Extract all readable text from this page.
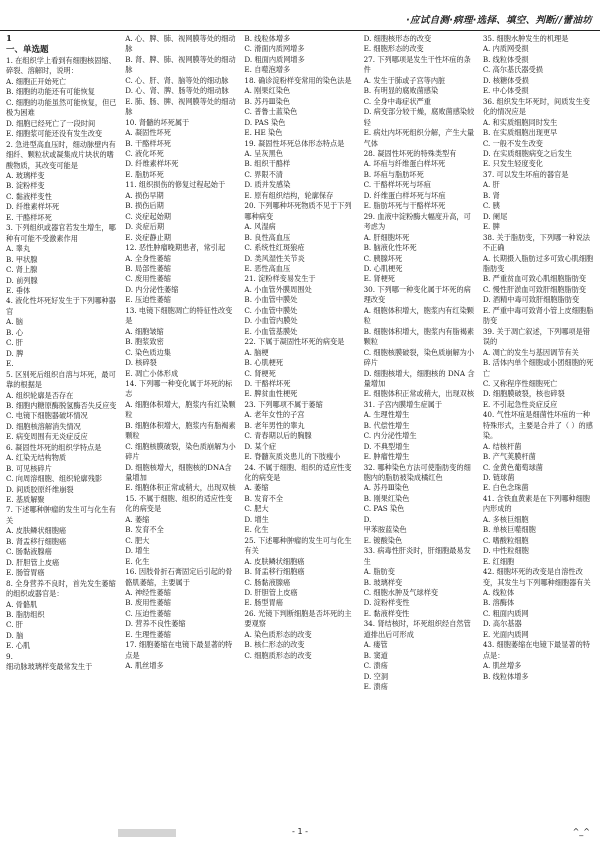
·应试自测·病理·选择、填空、判断//蕾油坊
1
一、单选题
1. 在组织学上看到有细胞核固缩、碎裂、溶解时，说明：
A. 细胞正开始死亡
B. 细胞的功能还有可能恢复
C. 细胞的功能虽然可能恢复，但已极为困难
D. 细胞已经死亡了一段时间
E. 细胞浆可能还没有发生改变
2. 急进型高血压时，细动脉壁内有细纤、颗粒状或凝集成片块状的嗜酸物质，其改变可能是
A. 玻璃样变
B. 淀粉样变
C. 黏液样变性
D. 纤维素样坏死
E. 干酪样坏死
3. 下列组织或器官若发生增生，哪种有可能不受激素作用
A. 睾丸
B. 甲状腺
C. 肾上腺
D. 前列腺
E. 垂体
4. 液化性坏死好发生于下列哪种器官
A. 脑
B. 心
C. 肝
D. 脾
E.
5. 区别死后组织自溶与坏死，最可靠的根据是
A. 组织轮廓是否存在
B. 细胞内糖原酶脱氢酶否失反应变
C. 电镜下细胞器破坏情况
D. 细胞核溶解消失情况
E. 病变周围有无炎症反应
6. 凝固性坏死的组织学特点是
A. 红染无结构物质
B. 可见核碎片
C. 向周溶细胞、组织轮廓残影
D. 间质胶原纤维崩裂
E. 基质解聚
7. 下述哪种肿瘤的发生可与化生有关
A. 皮肤鳞状细胞癌
B. 肾盂移行细胞癌
C. 肠黏液腺癌
D. 肝胆管上皮癌
E. 肠管胃癌
8. 全身营养不良时，首先发生萎缩的组织或器官是：
A. 骨骼肌
B. 脂肪组织
C. 肝
D. 脑
E. 心肌
9.
细动脉玻璃样变最常发生于
A. 心、脾、肺、视网膜等处的细动脉
B. 肾、脾、肺、视网膜等处的细动脉
C. 心、肝、肾、脑等处的细动脉
D. 心、肾、脾、肠等处的细动脉
E. 肺、肠、脾、视网膜等处的细动脉
10. 肾髓的坏死属于
A. 凝固性坏死
B. 干酪样坏死
C. 液化坏死
D. 纤维素样坏死
E. 脂肪坏死
11. 组织损伤的修复过程起始于
A. 损伤早期
B. 损伤后期
C. 炎症起始期
D. 炎症后期
E. 炎症静止期
12. 恶性肿瘤晚期患者，常引起
A. 全身性萎缩
B. 局部性萎缩
C. 废用性萎缩
D. 内分泌性萎缩
E. 压迫性萎缩
13. 电镜下细胞凋亡的特征性改变是
A. 细胞皱缩
B. 胞浆致密
C. 染色质边集
D. 核碎裂
E. 凋亡小体形成
14. 下列哪一种变化属于坏死的标志
A. 细胞体积增大，胞浆内有红染颗粒
B. 细胞体积增大，胞浆内有脂褐素颗粒
C. 细胞核膜破裂，染色质崩解为小碎片
D. 细胞核增大，细胞核的DNA含量增加
E. 细胞体积正常或稍大，出现双核
15. 不属于细胞、组织的适应性变化的病变是
A. 萎缩
B. 发育不全
C. 肥大
D. 增生
E. 化生
16. 因肢骨折石膏固定后引起的骨骼肌萎缩，主要属于
A. 神经性萎缩
B. 废用性萎缩
C. 压迫性萎缩
D. 营养不良性萎缩
E. 生理性萎缩
17. 细胞萎缩在电镜下最显著的特点是
A. 肌丝增多
B. 线粒体增多
C. 滑面内质网增多
D. 粗面内质网增多
E. 自噬泡增多
18. 确诊淀粉样变常用的染色法是
A. 刚果红染色
B. 苏丹Ⅲ染色
C. 普鲁士蓝染色
D. PAS 染色
E. HE 染色
19. 凝固性坏死总体形态特点是
A. 呈灰黑色
B. 组织干酪样
C. 界限不清
D. 质并发感染
E. 原有组织结构，轮廓保存
20. 下列哪种坏死物质不见于下列哪种病变
A. 风湿病
B. 良性高血压
C. 系统性红斑狼疮
D. 类风湿性关节炎
E. 恶性高血压
21. 淀粉样变易发生于
A. 小血管外膜周围处
B. 小血管中膜处
C. 小血管中膜处
D. 小血管内膜处
E. 小血管基膜处
22. 下属于凝固性坏死的病变是
A. 脑梗
B. 心肌梗死
C. 肾梗死
D. 干酪样坏死
E. 脾贫血性梗死
23. 下列哪项不属于萎缩
A. 老年女性的子宫
B. 老年男性的睾丸
C. 青春期以后的胸腺
D. 某个症
E. 脊髓灰质炎患儿的下肢瘦小
24. 不属于细胞、组织的适应性变化的病变是
A. 萎缩
B. 发育不全
C. 肥大
D. 增生
E. 化生
25. 下述哪种肿瘤的发生可与化生有关
A. 皮肤鳞状细胞癌
B. 肾盂移行细胞癌
C. 肠黏液腺癌
D. 肝胆管上皮癌
E. 肠型胃癌
26. 光镜下判断细胞是否坏死的主要观察
A. 染色质形态的改变
B. 核仁形态的改变
C. 细胞质形态的改变
D. 细胞核形态的改变
E. 细胞形态的改变
27. 下列哪项是发生干性坏疽的条件
A. 发生于肺或子宫等内脏
B. 有明显的腐败菌感染
C. 全身中毒症状严重
D. 病变部分较干燥，腐败菌感染较轻
E. 病灶内坏死组织分解，产生大量气体
28. 凝固性坏死的特殊类型有
A. 坏疽与纤维蛋白样坏死
B. 坏疽与脂肪坏死
C. 干酪样坏死与坏疽
D. 纤维蛋白样坏死与坏疽
E. 脂肪坏死与干酪样坏死
29. 血液中淀粉酶大幅度升高，可考虑为
A. 肝细胞坏死
B. 脑液化性坏死
C. 胰腺坏死
D. 心肌梗死
E. 肾梗死
30. 下列哪一种变化属于坏死的病理改变
A. 细胞体积增大，胞浆内有红染颗粒
B. 细胞体积增大，胞浆内有脂褐素颗粒
C. 细胞核膜破裂，染色质崩解为小碎片
D. 细胞核增大，细胞核的 DNA 含量增加
E. 细胞体积正常或稍大，出现双核
31. 子宫内膜增生症属于
A. 生理性增生
B. 代偿性增生
C. 内分泌性增生
D. 不典型增生
E. 肿瘤性增生
32. 哪种染色方法可使脂肪变的细胞内的脂肪被染成橘红色
A. 苏丹Ⅲ染色
B. 刚果红染色
C. PAS 染色
D.
甲苯胺蓝染色
E. 镀酸染色
33. 病毒性肝炎时，肝细胞最易发生
A. 脂肪变
B. 玻璃样变
C. 细胞水肿及气球样变
D. 淀粉样变性
E. 黏液样变性
34. 肾结核时，坏死组织经自然管道排出后可形成
A. 瘘管
B. 窦道
C. 溃疡
D. 空洞
E. 溃疡
35. 细胞水肿发生的机理是
A. 内质网受损
B. 线粒体受损
C. 高尔基氏器受损
D. 核糖体受损
E. 中心体受损
36. 组织发生坏死时，间质发生变化的情况应是
A. 和实质细胞同时发生
B. 在实质细胞出现更早
C. 一般不发生改变
D. 在实质细胞病变之后发生
E. 只发生轻度变化
37. 可以发生坏疽的器官是
A. 肝
B. 肾
C. 胰
D. 阑尾
E. 脾
38. 关于脂肪变，下列哪一种说法不正确
A. 长期摄入脂肪过多可致心肌细胞脂肪变
B. 严重贫血可致心肌细胞脂肪变
C. 慢性肝淤血可致肝细胞脂肪变
D. 酒精中毒可致肝细胞脂肪变
E. 严重中毒可致肾小管上皮细胞脂肪变
39. 关于凋亡叙述，下列哪项是错误的
A. 凋亡的发生与基因调节有关
B. 活体内单个细胞或小团细胞的死亡
C. 又称程序性细胞死亡
D. 细胞膜破裂，核也碎裂
E. 不引起急性炎症反应
40. 气性坏疽是细菌性坏疽的一种特殊形式，主要是合并了（ ）的感染。
A. 结核杆菌
B. 产气荚膜杆菌
C. 金黄色葡萄球菌
D. 链球菌
E. 白色念珠菌
41. 含铁血黄素是在下列哪种细胞内形成的
A. 多核巨细胞
B. 单核巨噬细胞
C. 嗜酸粒细胞
D. 中性粒细胞
E. 红细胞
42. 细胞坏死的改变是自溶性改变，其发生与下列哪种细胞器有关
A. 线粒体
B. 溶酶体
C. 粗面内质网
D. 高尔基器
E. 光面内质网
43. 细胞萎缩在电镜下最显著的特点是：
A. 肌丝增多
B. 线粒体增多
- 1 -	^_^
